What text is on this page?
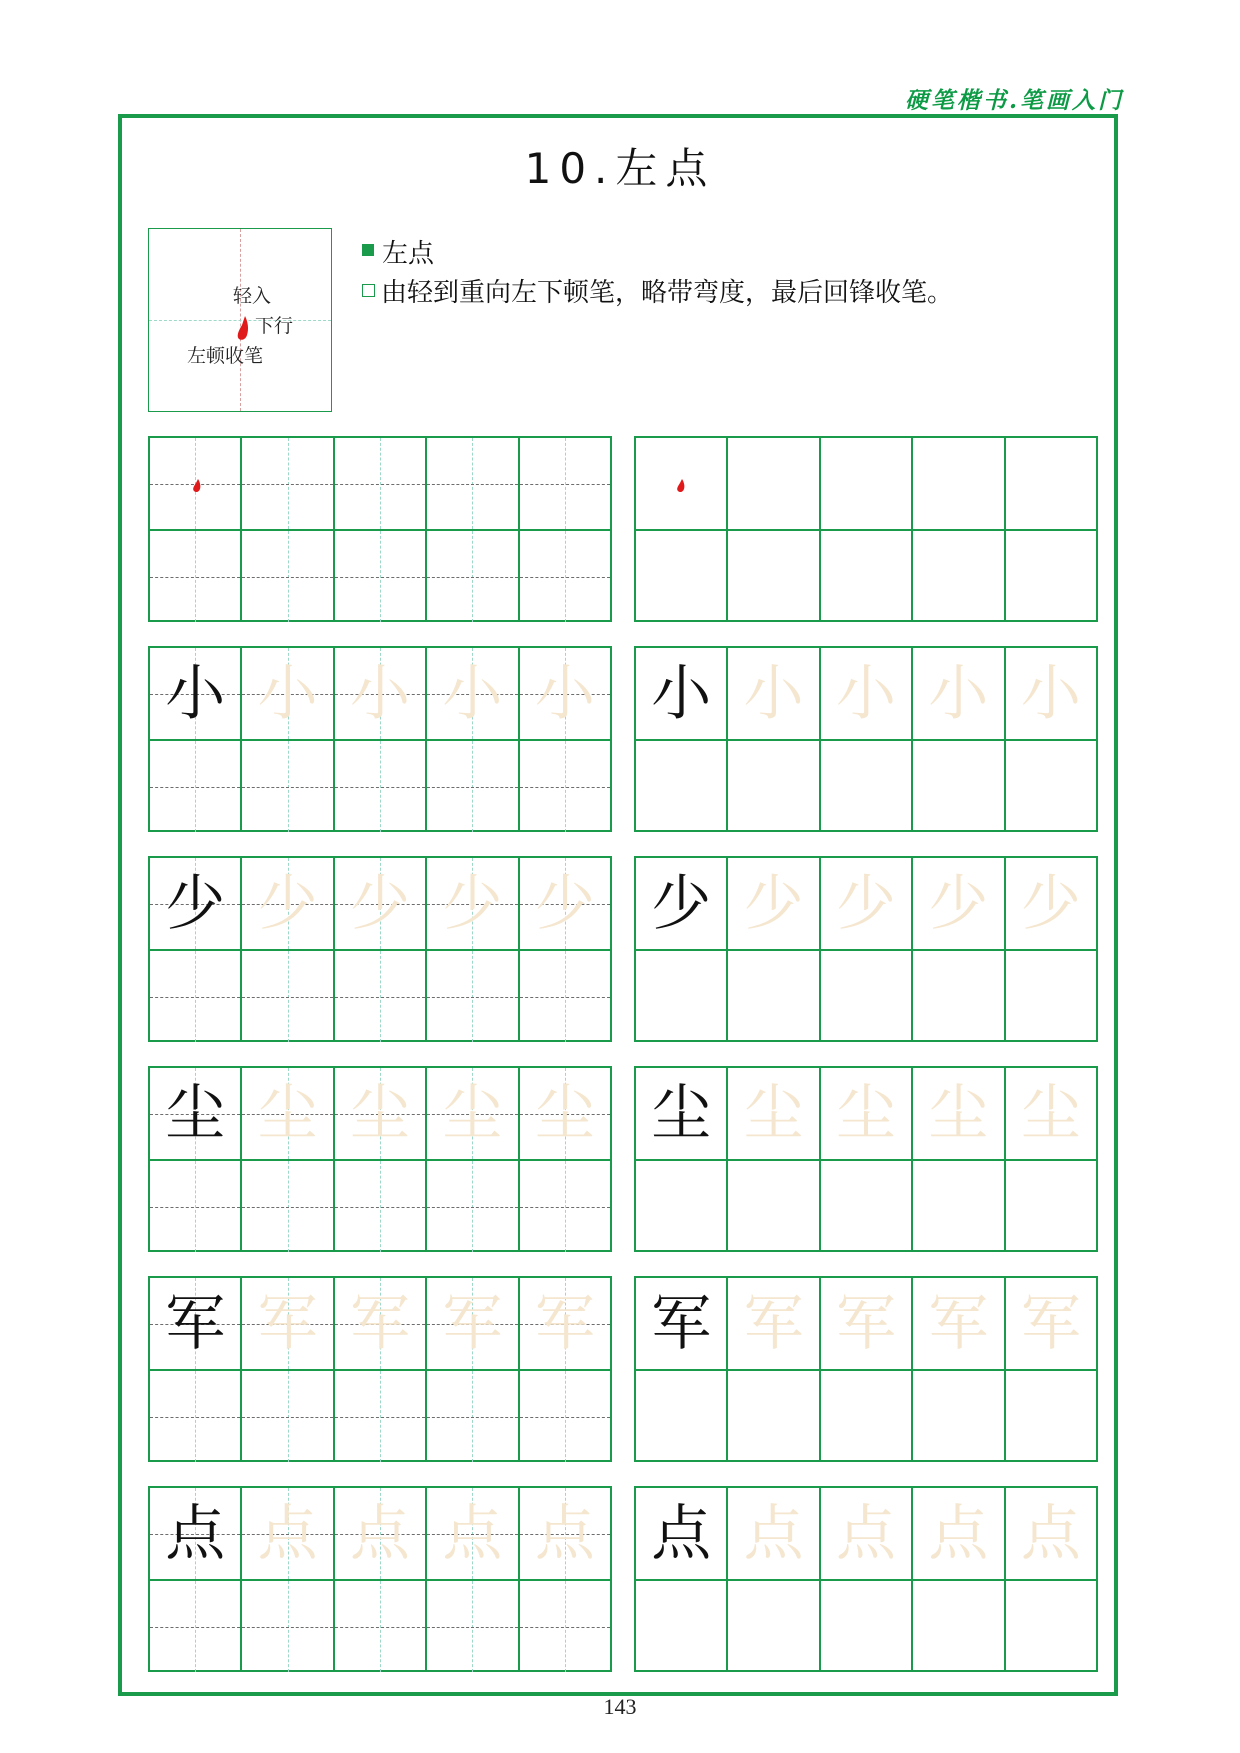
硬笔楷书.笔画入门
10.左点
轻入
下行
左顿收笔
左点
由轻到重向左下顿笔，略带弯度，最后回锋收笔。
小 小 小 小 小 小 小 小 小 小
少 少 少 少 少 少 少 少 少 少
尘 尘 尘 尘 尘 尘 尘 尘 尘 尘
军 军 军 军 军 军 军 军 军 军
点 点 点 点 点 点 点 点 点 点
143
